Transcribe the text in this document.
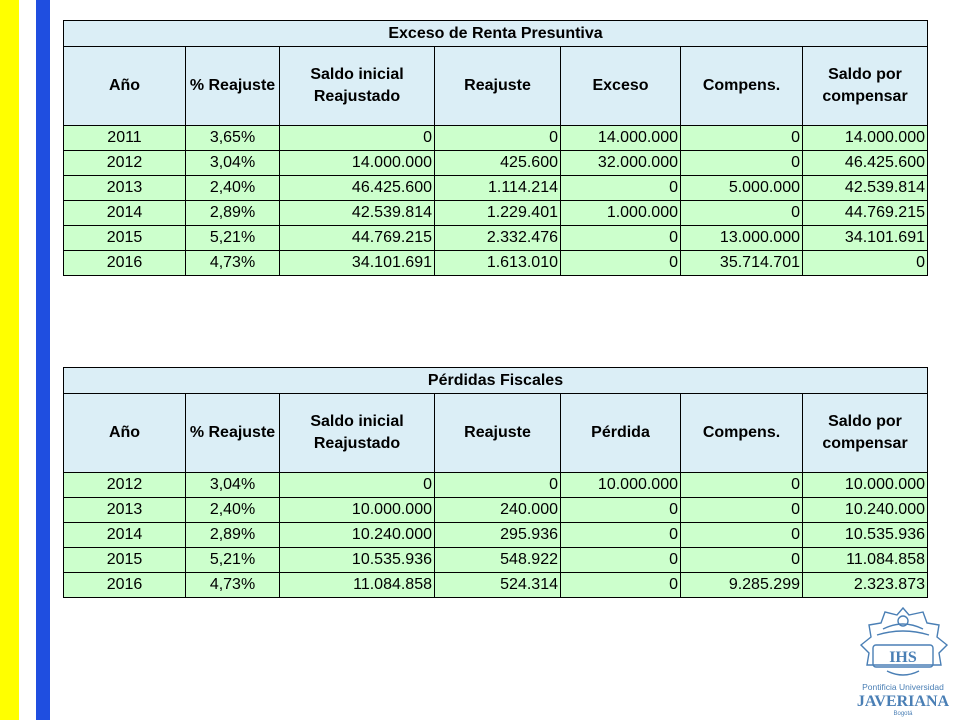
Exceso de Renta Presuntiva						
Año	% Reajuste	Saldo inicial Reajustado	Reajuste	Exceso	Compens.	Saldo por compensar
2011	3,65%	0	0	14.000.000	0	14.000.000
2012	3,04%	14.000.000	425.600	32.000.000	0	46.425.600
2013	2,40%	46.425.600	1.114.214	0	5.000.000	42.539.814
2014	2,89%	42.539.814	1.229.401	1.000.000	0	44.769.215
2015	5,21%	44.769.215	2.332.476	0	13.000.000	34.101.691
2016	4,73%	34.101.691	1.613.010	0	35.714.701	0
Pérdidas Fiscales						
Año	% Reajuste	Saldo inicial Reajustado	Reajuste	Pérdida	Compens.	Saldo por compensar
2012	3,04%	0	0	10.000.000	0	10.000.000
2013	2,40%	10.000.000	240.000	0	0	10.240.000
2014	2,89%	10.240.000	295.936	0	0	10.535.936
2015	5,21%	10.535.936	548.922	0	0	11.084.858
2016	4,73%	11.084.858	524.314	0	9.285.299	2.323.873
IHS
Pontificia Universidad
JAVERIANA
Bogotá
